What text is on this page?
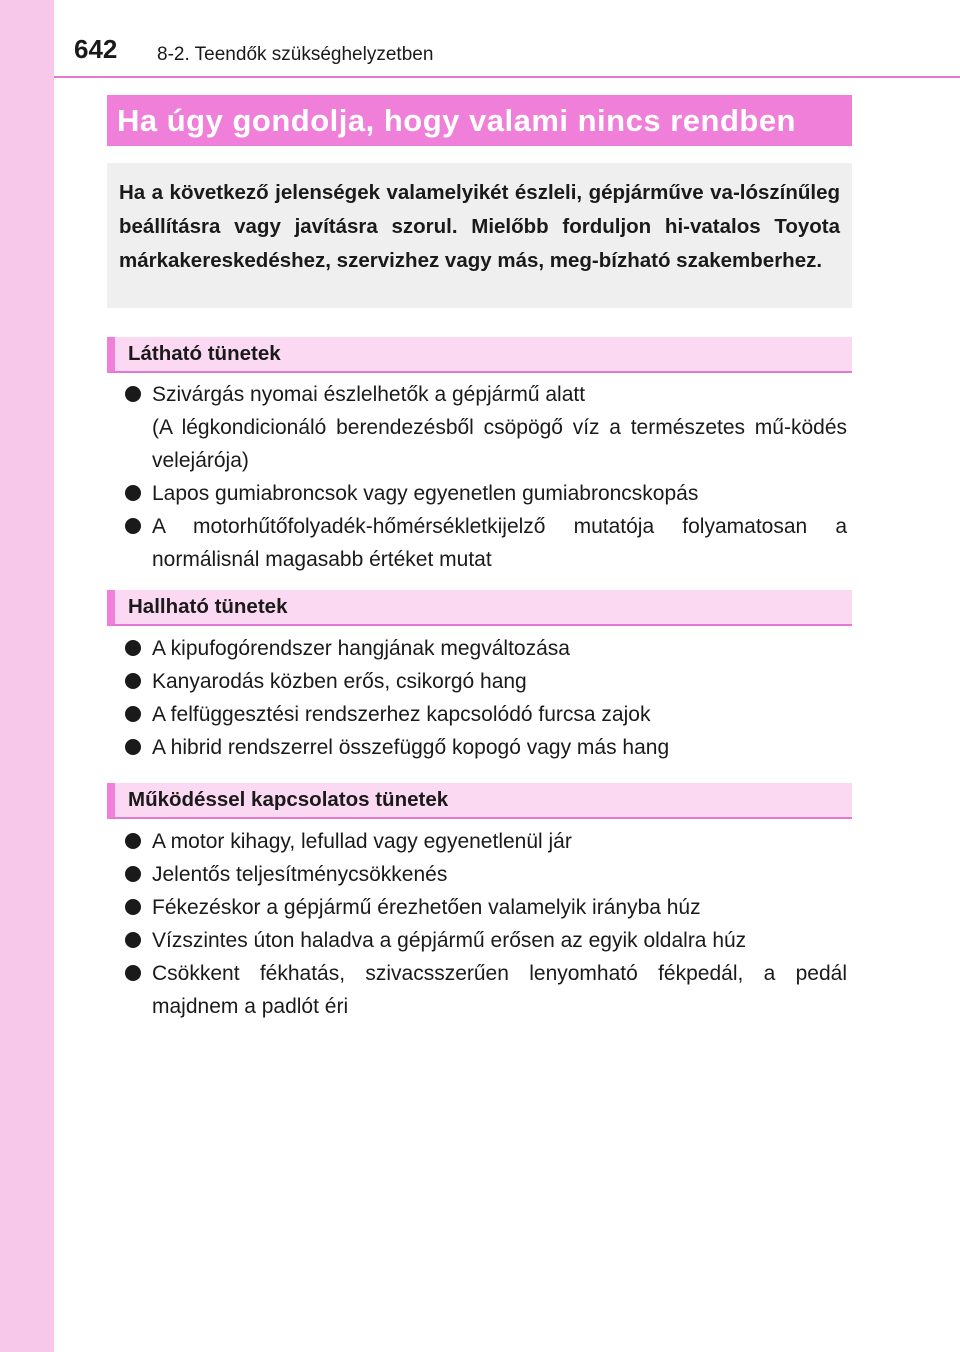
642 8-2. Teendők szükséghelyzetben
Ha úgy gondolja, hogy valami nincs rendben

Ha a következő jelenségek valamelyikét észleli, gépjárműve va-lószínűleg beállításra vagy javításra szorul. Mielőbb forduljon hi-vatalos Toyota márkakereskedéshez, szervizhez vagy más, meg-bízható szakemberhez.

Látható tünetek
Szivárgás nyomai észlelhetők a gépjármű alatt
(A légkondicionáló berendezésből csöpögő víz a természetes mű-ködés velejárója)
Lapos gumiabroncsok vagy egyenetlen gumiabroncskopás
A motorhűtőfolyadék-hőmérsékletkijelző mutatója folyamatosan a normálisnál magasabb értéket mutat
Hallható tünetek
A kipufogórendszer hangjának megváltozása
Kanyarodás közben erős, csikorgó hang
A felfüggesztési rendszerhez kapcsolódó furcsa zajok
A hibrid rendszerrel összefüggő kopogó vagy más hang
Működéssel kapcsolatos tünetek
A motor kihagy, lefullad vagy egyenetlenül jár
Jelentős teljesítménycsökkenés
Fékezéskor a gépjármű érezhetően valamelyik irányba húz
Vízszintes úton haladva a gépjármű erősen az egyik oldalra húz
Csökkent fékhatás, szivacsszerűen lenyomható fékpedál, a pedál majdnem a padlót éri
